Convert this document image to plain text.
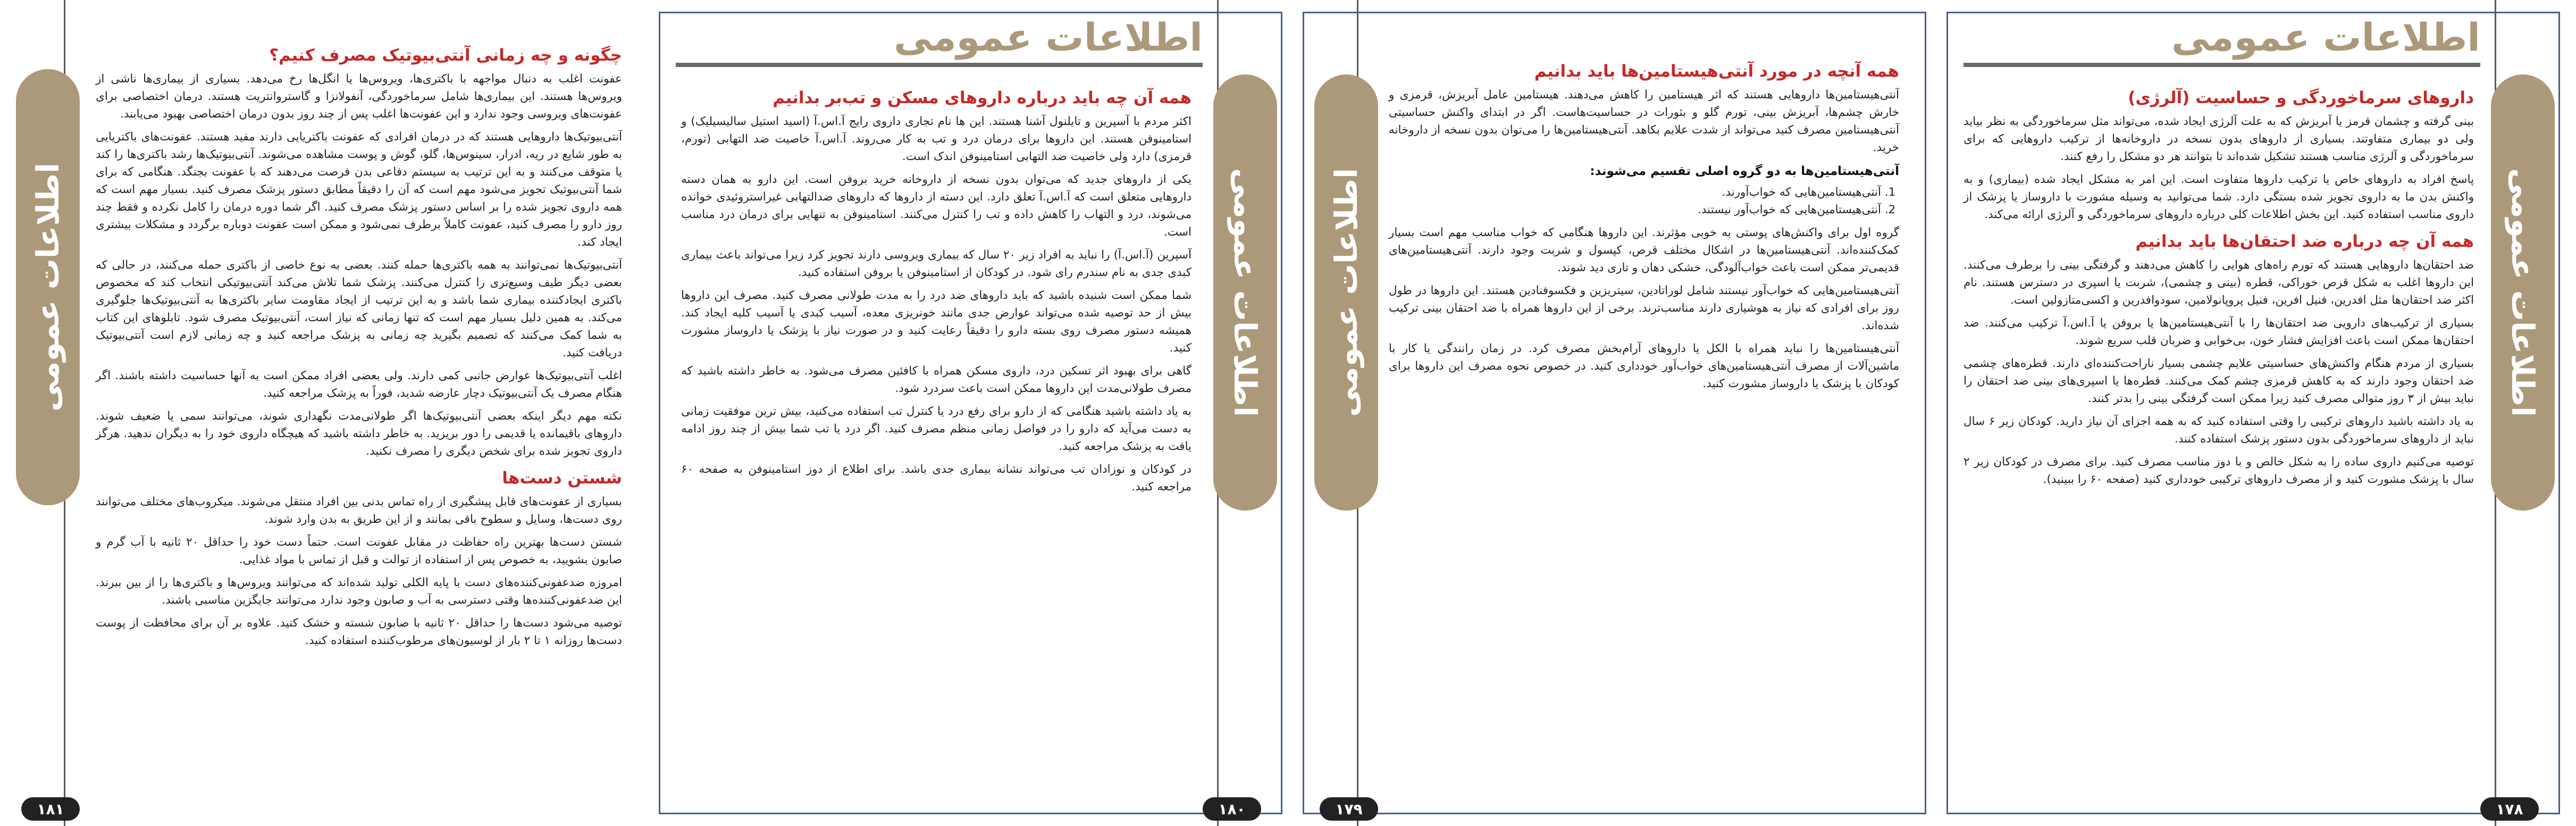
اطلاعات عمومی
چگونه و چه زمانی آنتی‌بیوتیک مصرف کنیم؟

عفونت اغلب به دنبال مواجهه با باکتری‌ها، ویروس‌ها یا انگل‌ها رخ می‌دهد. بسیاری از بیماری‌ها ناشی از ویروس‌ها هستند. این بیماری‌ها شامل سرماخوردگی، آنفولانزا و گاستروانتریت هستند. درمان اختصاصی برای عفونت‌های ویروسی وجود ندارد و این عفونت‌ها اغلب پس از چند روز بدون درمان اختصاصی بهبود می‌یابند.

آنتی‌بیوتیک‌ها داروهایی هستند که در درمان افرادی که عفونت باکتریایی دارند مفید هستند. عفونت‌های باکتریایی به طور شایع در ریه، ادرار، سینوس‌ها، گلو، گوش و پوست مشاهده می‌شوند. آنتی‌بیوتیک‌ها رشد باکتری‌ها را کند یا متوقف می‌کنند و به این ترتیب به سیستم دفاعی بدن فرصت می‌دهند که با عفونت بجنگد. هنگامی که برای شما آنتی‌بیوتیک تجویز می‌شود مهم است که آن را دقیقاً مطابق دستور پزشک مصرف کنید. بسیار مهم است که همه داروی تجویز شده را بر اساس دستور پزشک مصرف کنید. اگر شما دوره درمان را کامل نکرده و فقط چند روز دارو را مصرف کنید، عفونت کاملاً برطرف نمی‌شود و ممکن است عفونت دوباره برگردد و مشکلات بیشتری ایجاد کند.

آنتی‌بیوتیک‌ها نمی‌توانند به همه باکتری‌ها حمله کنند. بعضی به نوع خاصی از باکتری حمله می‌کنند، در حالی که بعضی دیگر طیف وسیع‌تری را کنترل می‌کنند. پزشک شما تلاش می‌کند آنتی‌بیوتیکی انتخاب کند که مخصوص باکتری ایجادکننده بیماری شما باشد و به این ترتیب از ایجاد مقاومت سایر باکتری‌ها به آنتی‌بیوتیک‌ها جلوگیری می‌کند. به همین دلیل بسیار مهم است که تنها زمانی که نیاز است، آنتی‌بیوتیک مصرف شود. تابلوهای این کتاب به شما کمک می‌کنند که تصمیم بگیرید چه زمانی به پزشک مراجعه کنید و چه زمانی لازم است آنتی‌بیوتیک دریافت کنید.

اغلب آنتی‌بیوتیک‌ها عوارض جانبی کمی دارند. ولی بعضی افراد ممکن است به آنها حساسیت داشته باشند. اگر هنگام مصرف یک آنتی‌بیوتیک دچار عارضه شدید، فوراً به پزشک مراجعه کنید.

نکته مهم دیگر اینکه بعضی آنتی‌بیوتیک‌ها اگر طولانی‌مدت نگهداری شوند، می‌توانند سمی یا ضعیف شوند. داروهای باقیمانده یا قدیمی را دور بریزید. به خاطر داشته باشید که هیچگاه داروی خود را به دیگران ندهید. هرگز داروی تجویز شده برای شخص دیگری را مصرف نکنید.

شستن دست‌ها

بسیاری از عفونت‌های قابل پیشگیری از راه تماس بدنی بین افراد منتقل می‌شوند. میکروب‌های مختلف می‌توانند روی دست‌ها، وسایل و سطوح باقی بمانند و از این طریق به بدن وارد شوند.

شستن دست‌ها بهترین راه حفاظت در مقابل عفونت است. حتماً دست خود را حداقل ۲۰ ثانیه با آب گرم و صابون بشویید، به خصوص پس از استفاده از توالت و قبل از تماس با مواد غذایی.

امروزه ضدعفونی‌کننده‌های دست با پایه الکلی تولید شده‌اند که می‌توانند ویروس‌ها و باکتری‌ها را از بین ببرند. این ضدعفونی‌کننده‌ها وقتی دسترسی به آب و صابون وجود ندارد می‌توانند جایگزین مناسبی باشند.

توصیه می‌شود دست‌ها را حداقل ۲۰ ثانیه با صابون شسته و خشک کنید. علاوه بر آن برای محافظت از پوست دست‌ها روزانه ۱ تا ۲ بار از لوسیون‌های مرطوب‌کننده استفاده کنید.

۱۸۱
اطلاعات عمومی
اطلاعات عمومی
همه آن چه باید درباره داروهای مسکن و تب‌بر بدانیم

اکثر مردم با آسپرین و تایلنول آشنا هستند. این ها نام تجاری داروی رایج آ.اس.آ (اسید استیل سالیسیلیک) و استامینوفن هستند. این داروها برای درمان درد و تب به کار می‌روند. آ.اس.آ خاصیت ضد التهابی (تورم، قرمزی) دارد ولی خاصیت ضد التهابی استامینوفن اندک است.

یکی از داروهای جدید که می‌توان بدون نسخه از داروخانه خرید بروفن است. این دارو به همان دسته داروهایی متعلق است که آ.اس.آ تعلق دارد. این دسته از داروها که داروهای ضدالتهابی غیراستروئیدی خوانده می‌شوند، درد و التهاب را کاهش داده و تب را کنترل می‌کنند. استامینوفن به تنهایی برای درمان درد مناسب است.

آسپرین (آ.اس.آ) را نباید به افراد زیر ۲۰ سال که بیماری ویروسی دارند تجویز کرد زیرا می‌تواند باعث بیماری کبدی جدی به نام سندرم رای شود. در کودکان از استامینوفن یا بروفن استفاده کنید.

شما ممکن است شنیده باشید که باید داروهای ضد درد را به مدت طولانی مصرف کنید. مصرف این داروها بیش از حد توصیه شده می‌تواند عوارض جدی مانند خونریزی معده، آسیب کبدی یا آسیب کلیه ایجاد کند. همیشه دستور مصرف روی بسته دارو را دقیقاً رعایت کنید و در صورت نیاز با پزشک یا داروساز مشورت کنید.

گاهی برای بهبود اثر تسکین درد، داروی مسکن همراه با کافئین مصرف می‌شود. به خاطر داشته باشید که مصرف طولانی‌مدت این داروها ممکن است باعث سردرد شود.

به یاد داشته باشید هنگامی که از دارو برای رفع درد یا کنترل تب استفاده می‌کنید، بیش ترین موفقیت زمانی به دست می‌آید که دارو را در فواصل زمانی منظم مصرف کنید. اگر درد یا تب شما بیش از چند روز ادامه یافت به پزشک مراجعه کنید.

در کودکان و نوزادان تب می‌تواند نشانه بیماری جدی باشد. برای اطلاع از دوز استامینوفن به صفحه ۶۰ مراجعه کنید.

۱۸۰
اطلاعات عمومی
همه آنچه در مورد آنتی‌هیستامین‌ها باید بدانیم

آنتی‌هیستامین‌ها داروهایی هستند که اثر هیستامین را کاهش می‌دهند. هیستامین عامل آبریزش، قرمزی و خارش چشم‌ها، آبریزش بینی، تورم گلو و بثورات در حساسیت‌هاست. اگر در ابتدای واکنش حساسیتی آنتی‌هیستامین مصرف کنید می‌تواند از شدت علایم بکاهد. آنتی‌هیستامین‌ها را می‌توان بدون نسخه از داروخانه خرید.

آنتی‌هیستامین‌ها به دو گروه اصلی تقسیم می‌شوند:
1. آنتی‌هیستامین‌هایی که خواب‌آورند.
2. آنتی‌هیستامین‌هایی که خواب‌آور نیستند.

گروه اول برای واکنش‌های پوستی به خوبی مؤثرند. این داروها هنگامی که خواب مناسب مهم است بسیار کمک‌کننده‌اند. آنتی‌هیستامین‌ها در اشکال مختلف قرص، کپسول و شربت وجود دارند. آنتی‌هیستامین‌های قدیمی‌تر ممکن است باعث خواب‌آلودگی، خشکی دهان و تاری دید شوند.

آنتی‌هیستامین‌هایی که خواب‌آور نیستند شامل لوراتادین، سیتریزین و فکسوفنادین هستند. این داروها در طول روز برای افرادی که نیاز به هوشیاری دارند مناسب‌ترند. برخی از این داروها همراه با ضد احتقان بینی ترکیب شده‌اند.

آنتی‌هیستامین‌ها را نباید همراه با الکل یا داروهای آرام‌بخش مصرف کرد. در زمان رانندگی یا کار با ماشین‌آلات از مصرف آنتی‌هیستامین‌های خواب‌آور خودداری کنید. در خصوص نحوه مصرف این داروها برای کودکان با پزشک یا داروساز مشورت کنید.

۱۷۹
اطلاعات عمومی
اطلاعات عمومی
داروهای سرماخوردگی و حساسیت (آلرژی)

بینی گرفته و چشمان قرمز یا آبریزش که به علت آلرژی ایجاد شده، می‌تواند مثل سرماخوردگی به نظر بیاید ولی دو بیماری متفاوتند. بسیاری از داروهای بدون نسخه در داروخانه‌ها از ترکیب داروهایی که برای سرماخوردگی و آلرژی مناسب هستند تشکیل شده‌اند تا بتوانند هر دو مشکل را رفع کنند.

پاسخ افراد به داروهای خاص یا ترکیب داروها متفاوت است. این امر به مشکل ایجاد شده (بیماری) و به واکنش بدن ما به داروی تجویز شده بستگی دارد. شما می‌توانید به وسیله مشورت با داروساز یا پزشک از داروی مناسب استفاده کنید. این بخش اطلاعات کلی درباره داروهای سرماخوردگی و آلرژی ارائه می‌کند.

همه آن چه درباره ضد احتقان‌ها باید بدانیم

ضد احتقان‌ها داروهایی هستند که تورم راه‌های هوایی را کاهش می‌دهند و گرفتگی بینی را برطرف می‌کنند. این داروها اغلب به شکل قرص خوراکی، قطره (بینی و چشمی)، شربت یا اسپری در دسترس هستند. نام اکثر ضد احتقان‌ها مثل افدرین، فنیل افرین، فنیل پروپانولامین، سودوافدرین و اکسی‌متازولین است.

بسیاری از ترکیب‌های دارویی ضد احتقان‌ها را با آنتی‌هیستامین‌ها یا بروفن یا آ.اس.آ ترکیب می‌کنند. ضد احتقان‌ها ممکن است باعث افزایش فشار خون، بی‌خوابی و ضربان قلب سریع شوند.

بسیاری از مردم هنگام واکنش‌های حساسیتی علایم چشمی بسیار ناراحت‌کننده‌ای دارند. قطره‌های چشمی ضد احتقان وجود دارند که به کاهش قرمزی چشم کمک می‌کنند. قطره‌ها یا اسپری‌های بینی ضد احتقان را نباید بیش از ۳ روز متوالی مصرف کنید زیرا ممکن است گرفتگی بینی را بدتر کنند.

به یاد داشته باشید داروهای ترکیبی را وقتی استفاده کنید که به همه اجزای آن نیاز دارید. کودکان زیر ۶ سال نباید از داروهای سرماخوردگی بدون دستور پزشک استفاده کنند.

توصیه می‌کنیم داروی ساده را به شکل خالص و با دوز مناسب مصرف کنید. برای مصرف در کودکان زیر ۲ سال با پزشک مشورت کنید و از مصرف داروهای ترکیبی خودداری کنید (صفحه ۶۰ را ببینید).

۱۷۸
